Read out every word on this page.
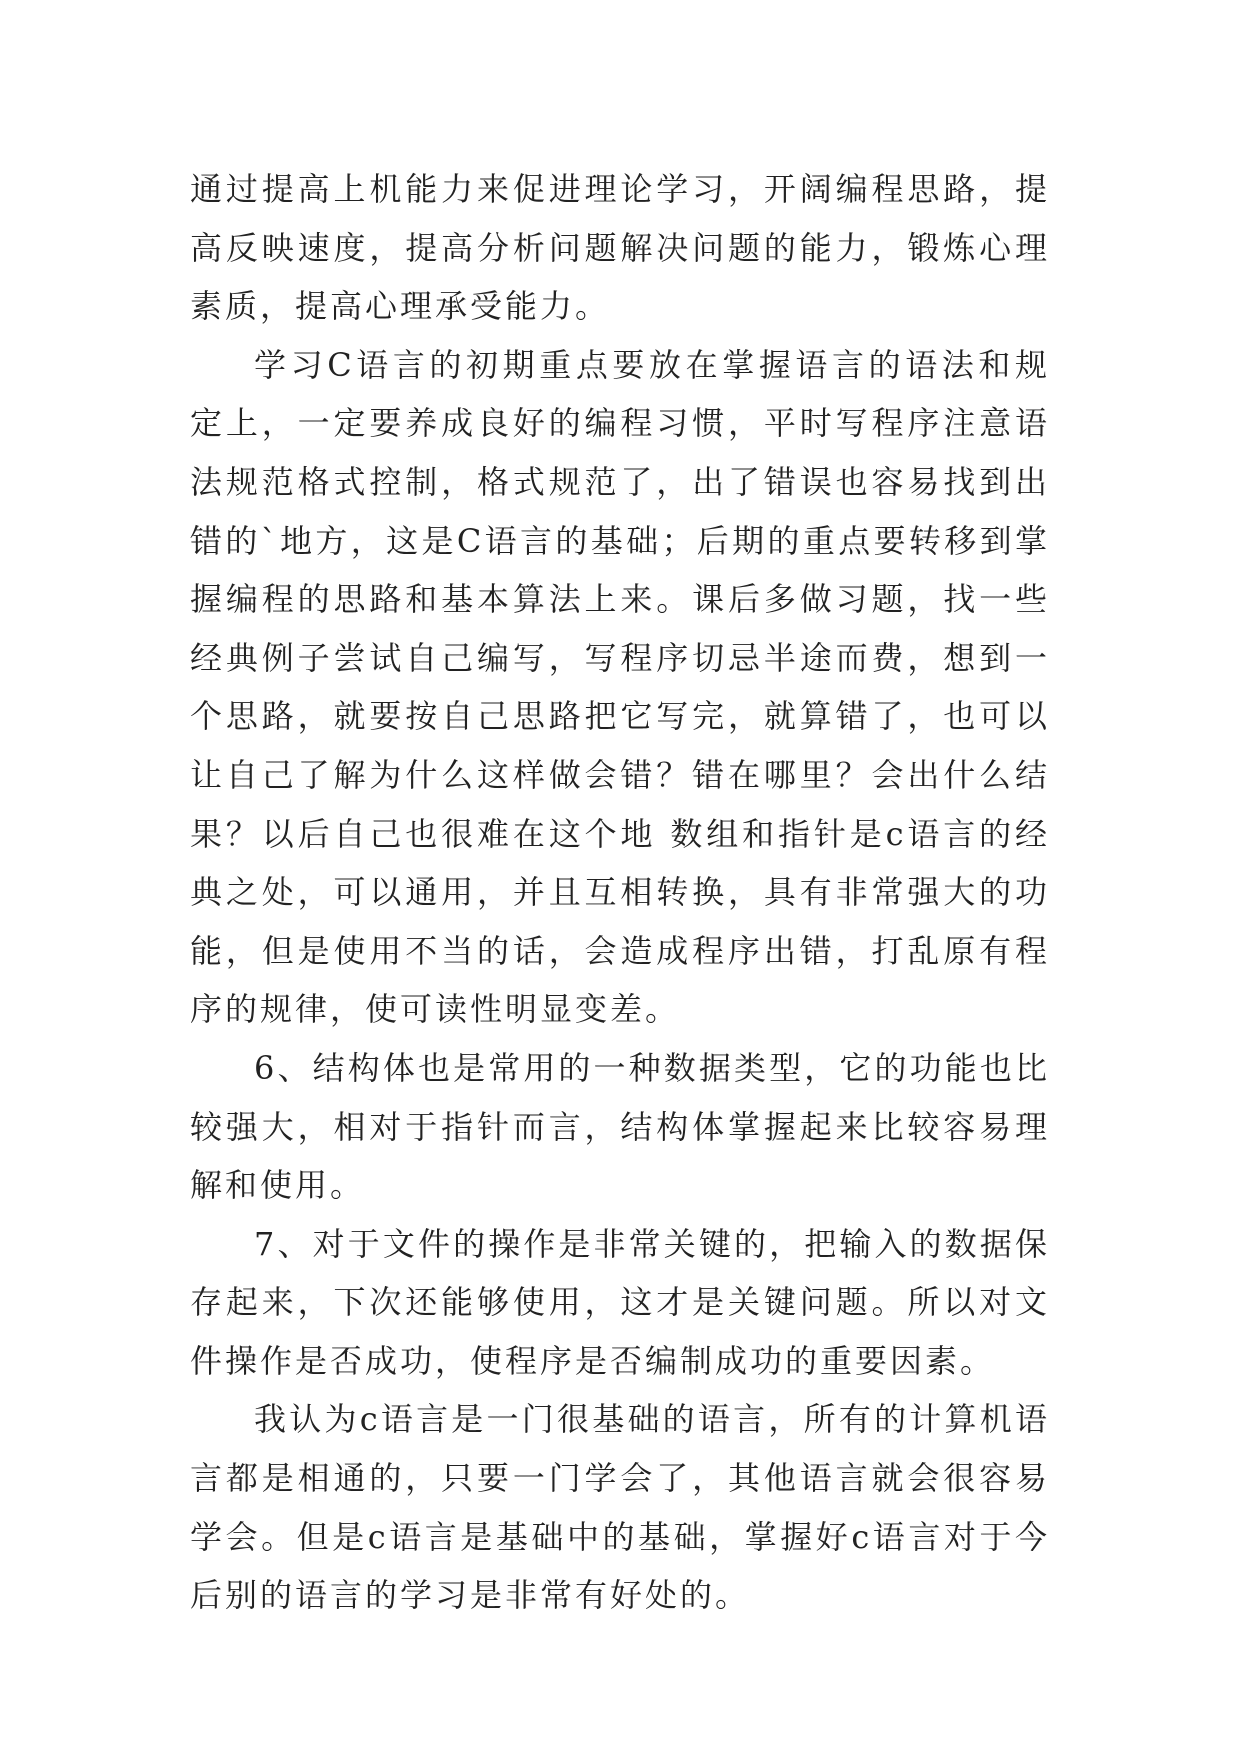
通过提高上机能力来促进理论学习，开阔编程思路，提高反映速度，提高分析问题解决问题的能力，锻炼心理素质，提高心理承受能力。

学习C语言的初期重点要放在掌握语言的语法和规定上，一定要养成良好的编程习惯，平时写程序注意语法规范格式控制，格式规范了，出了错误也容易找到出错的`地方，这是C语言的基础；后期的重点要转移到掌握编程的思路和基本算法上来。课后多做习题，找一些经典例子尝试自己编写，写程序切忌半途而费，想到一个思路，就要按自己思路把它写完，就算错了，也可以让自己了解为什么这样做会错？错在哪里？会出什么结果？以后自己也很难在这个地 数组和指针是c语言的经典之处，可以通用，并且互相转换，具有非常强大的功能，但是使用不当的话，会造成程序出错，打乱原有程序的规律，使可读性明显变差。

6、结构体也是常用的一种数据类型，它的功能也比较强大，相对于指针而言，结构体掌握起来比较容易理解和使用。

7、对于文件的操作是非常关键的，把输入的数据保存起来，下次还能够使用，这才是关键问题。所以对文件操作是否成功，使程序是否编制成功的重要因素。

我认为c语言是一门很基础的语言，所有的计算机语言都是相通的，只要一门学会了，其他语言就会很容易学会。但是c语言是基础中的基础，掌握好c语言对于今后别的语言的学习是非常有好处的。
